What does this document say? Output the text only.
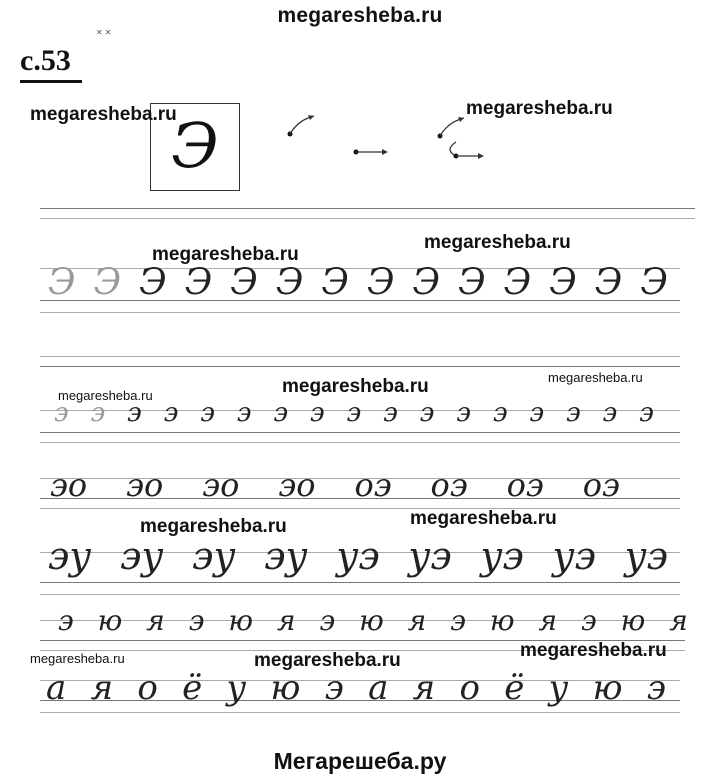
megaresheba.ru
✕ ✕
с.53
Э
Э Э Э Э Э Э Э Э Э Э Э Э Э Э
э э э э э э э э э э э э э э э э э
эо эо эо эо оэ оэ оэ оэ
эу эу эу эу уэ уэ уэ уэ уэ
э ю я э ю я э ю я э ю я э ю я
а я о ё у ю э а я о ё у ю э
megaresheba.ru	megaresheba.ru
megaresheba.ru
megaresheba.ru
megaresheba.ru	megaresheba.ru	megaresheba.ru
megaresheba.ru	megaresheba.ru
megaresheba.ru	megaresheba.ru	megaresheba.ru
Мегарешеба.ру
